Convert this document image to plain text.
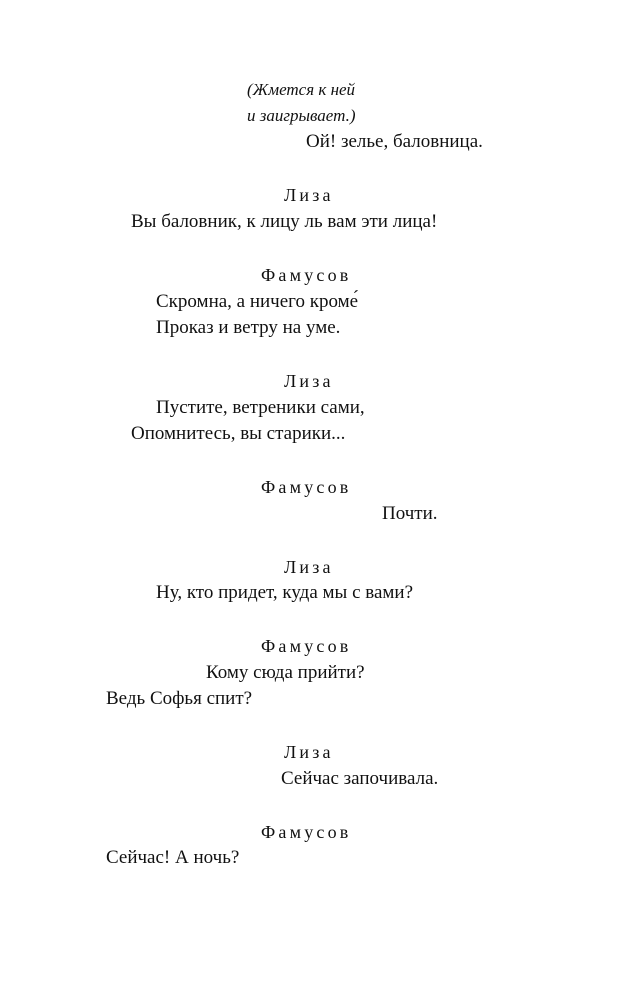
(Жмется к ней
и заигрывает.)
Ой! зелье, баловница.
Лиза
Вы баловник, к лицу ль вам эти лица!
Фамусов
Скромна, а ничего кроме́
Проказ и ветру на уме.
Лиза
Пустите, ветреники сами,
Опомнитесь, вы старики...
Фамусов
Почти.
Лиза
Ну, кто придет, куда мы с вами?
Фамусов
Кому сюда прийти?
Ведь Софья спит?
Лиза
Сейчас започивала.
Фамусов
Сейчас! А ночь?
